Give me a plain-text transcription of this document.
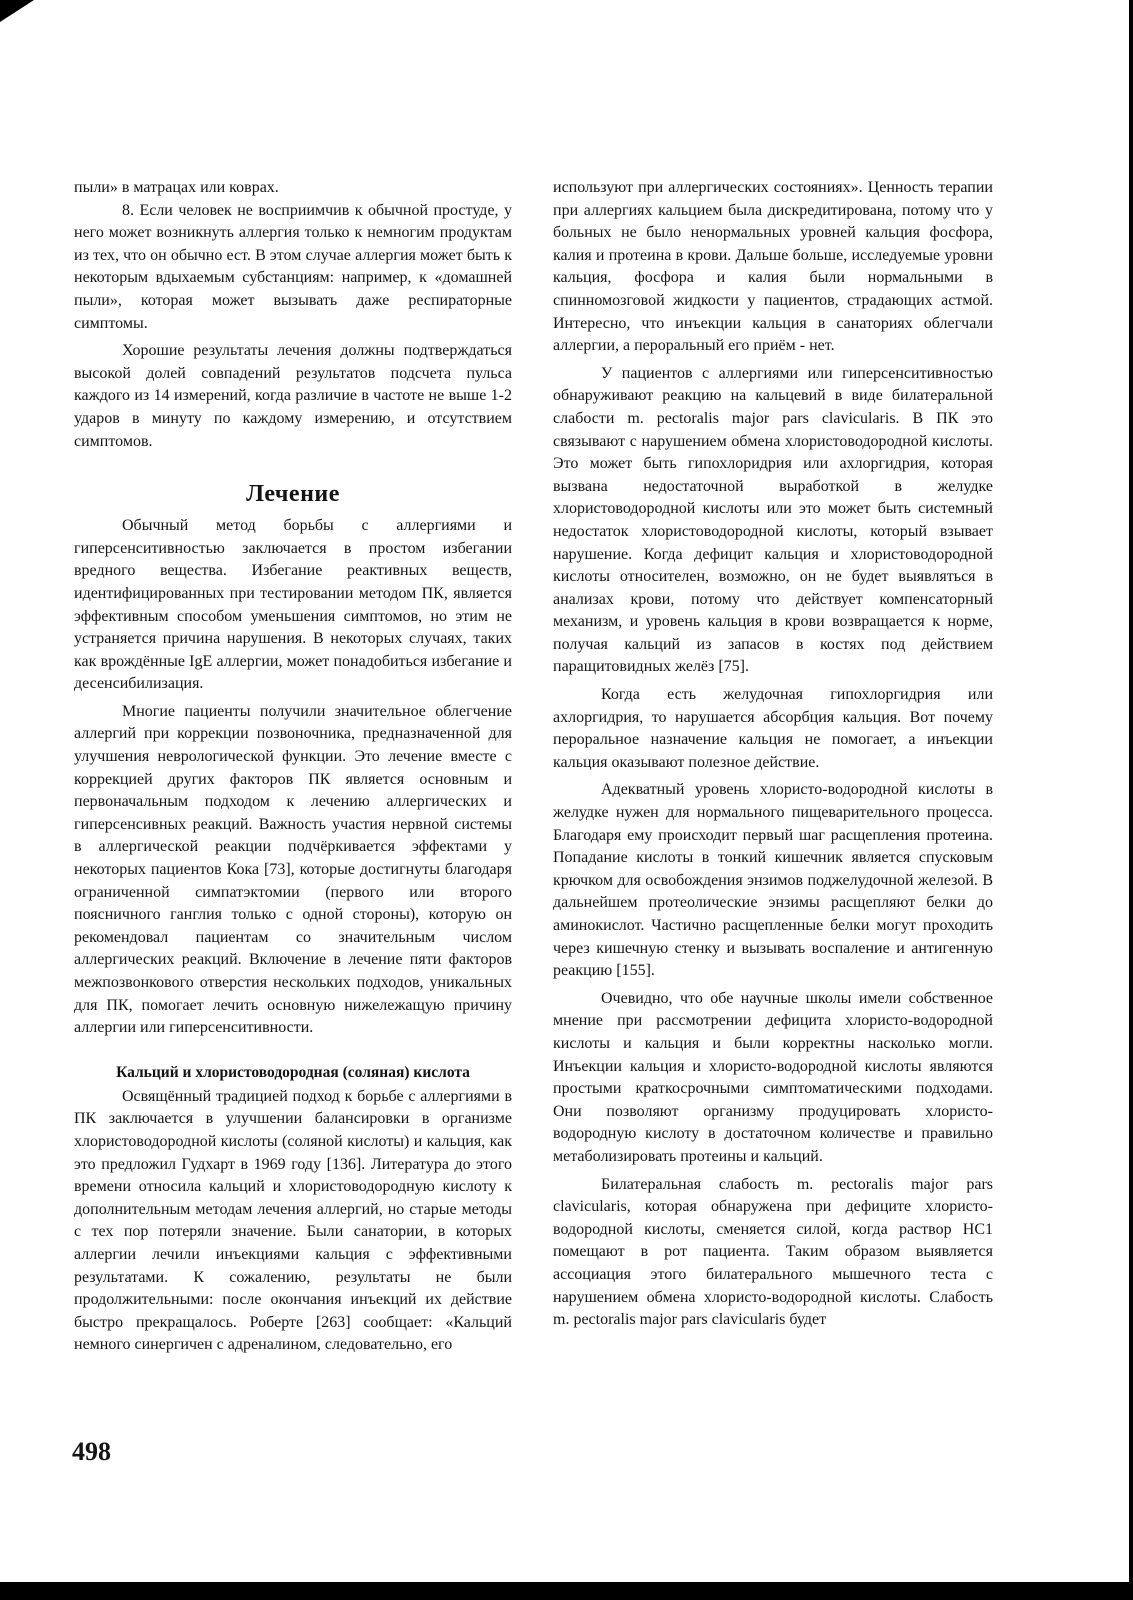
пыли» в матрацах или коврах.

8. Если человек не восприимчив к обычной простуде, у него может возникнуть аллергия только к немногим продуктам из тех, что он обычно ест. В этом случае аллергия может быть к некоторым вдыхаемым субстанциям: например, к «домашней пыли», которая может вызывать даже респираторные симптомы.

Хорошие результаты лечения должны подтверждаться высокой долей совпадений результатов подсчета пульса каждого из 14 измерений, когда различие в частоте не выше 1-2 ударов в минуту по каждому измерению, и отсутствием симптомов.

Лечение

Обычный метод борьбы с аллергиями и гиперсенситивностью заключается в простом избегании вредного вещества. Избегание реактивных веществ, идентифицированных при тестировании методом ПК, является эффективным способом уменьшения симптомов, но этим не устраняется причина нарушения. В некоторых случаях, таких как врождённые IgE аллергии, может понадобиться избегание и десенсибилизация.

Многие пациенты получили значительное облегчение аллергий при коррекции позвоночника, предназначенной для улучшения неврологической функции. Это лечение вместе с коррекцией других факторов ПК является основным и первоначальным подходом к лечению аллергических и гиперсенсивных реакций. Важность участия нервной системы в аллергической реакции подчёркивается эффектами у некоторых пациентов Кока [73], которые достигнуты благодаря ограниченной симпатэктомии (первого или второго поясничного ганглия только с одной стороны), которую он рекомендовал пациентам со значительным числом аллергических реакций. Включение в лечение пяти факторов межпозвонкового отверстия нескольких подходов, уникальных для ПК, помогает лечить основную нижележащую причину аллергии или гиперсенситивности.

Кальций и хлористоводородная (соляная) кислота

Освящённый традицией подход к борьбе с аллергиями в ПК заключается в улучшении балансировки в организме хлористоводородной кислоты (соляной кислоты) и кальция, как это предложил Гудхарт в 1969 году [136]. Литература до этого времени относила кальций и хлористоводородную кислоту к дополнительным методам лечения аллергий, но старые методы с тех пор потеряли значение. Были санатории, в которых аллергии лечили инъекциями кальция с эффективными результатами. К сожалению, результаты не были продолжительными: после окончания инъекций их действие быстро прекращалось. Роберте [263] сообщает: «Кальций немного синергичен с адреналином, следовательно, его

используют при аллергических состояниях». Ценность терапии при аллергиях кальцием была дискредитирована, потому что у больных не было ненормальных уровней кальция фосфора, калия и протеина в крови. Дальше больше, исследуемые уровни кальция, фосфора и калия были нормальными в спинномозговой жидкости у пациентов, страдающих астмой. Интересно, что инъекции кальция в санаториях облегчали аллергии, а пероральный его приём - нет.

У пациентов с аллергиями или гиперсенситивностью обнаруживают реакцию на кальцевий в виде билатеральной слабости m. pectoralis major pars clavicularis. В ПК это связывают с нарушением обмена хлористоводородной кислоты. Это может быть гипохлоридрия или ахлоргидрия, которая вызвана недостаточной выработкой в желудке хлористоводородной кислоты или это может быть системный недостаток хлористоводородной кислоты, который взывает нарушение. Когда дефицит кальция и хлористоводородной кислоты относителен, возможно, он не будет выявляться в анализах крови, потому что действует компенсаторный механизм, и уровень кальция в крови возвращается к норме, получая кальций из запасов в костях под действием паращитовидных желёз [75].

Когда есть желудочная гипохлоргидрия или ахлоргидрия, то нарушается абсорбция кальция. Вот почему пероральное назначение кальция не помогает, а инъекции кальция оказывают полезное действие.

Адекватный уровень хлористо-водородной кислоты в желудке нужен для нормального пищеварительного процесса. Благодаря ему происходит первый шаг расщепления протеина. Попадание кислоты в тонкий кишечник является спусковым крючком для освобождения энзимов поджелудочной железой. В дальнейшем протеолические энзимы расщепляют белки до аминокислот. Частично расщепленные белки могут проходить через кишечную стенку и вызывать воспаление и антигенную реакцию [155].

Очевидно, что обе научные школы имели собственное мнение при рассмотрении дефицита хлористо-водородной кислоты и кальция и были корректны насколько могли. Инъекции кальция и хлористо-водородной кислоты являются простыми краткосрочными симптоматическими подходами. Они позволяют организму продуцировать хлористо-водородную кислоту в достаточном количестве и правильно метаболизировать протеины и кальций.

Билатеральная слабость m. pectoralis major pars clavicularis, которая обнаружена при дефиците хлористо-водородной кислоты, сменяется силой, когда раствор НС1 помещают в рот пациента. Таким образом выявляется ассоциация этого билатерального мышечного теста с нарушением обмена хлористо-водородной кислоты. Слабость m. pectoralis major pars clavicularis будет

498
